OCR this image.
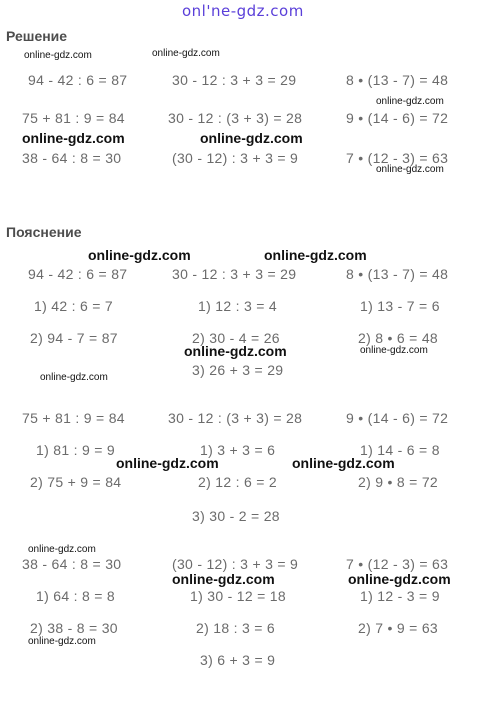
onl'ne-gdz.com
Решение
Пояснение
94 - 42 : 6 = 87	30 - 12 : 3 + 3 = 29	8 • (13 - 7) = 48
75 + 81 : 9 = 84	30 - 12 : (3 + 3) = 28	9 • (14 - 6) = 72
38 - 64 : 8 = 30	(30 - 12) : 3 + 3 = 9	7 • (12 - 3) = 63
94 - 42 : 6 = 87	30 - 12 : 3 + 3 = 29	8 • (13 - 7) = 48
1) 42 : 6 = 7
2) 94 - 7 = 87
1) 12 : 3 = 4
2) 30 - 4 = 26
3) 26 + 3 = 29
1) 13 - 7 = 6
2) 8 • 6 = 48
75 + 81 : 9 = 84	30 - 12 : (3 + 3) = 28	9 • (14 - 6) = 72
1) 81 : 9 = 9
2) 75 + 9 = 84
1) 3 + 3 = 6
2) 12 : 6 = 2
3) 30 - 2 = 28
1) 14 - 6 = 8
2) 9 • 8 = 72
38 - 64 : 8 = 30	(30 - 12) : 3 + 3 = 9	7 • (12 - 3) = 63
1) 64 : 8 = 8
2) 38 - 8 = 30
1) 30 - 12 = 18
2) 18 : 3 = 6
3) 6 + 3 = 9
1) 12 - 3 = 9
2) 7 • 9 = 63
online-gdz.com	online-gdz.com
online-gdz.com
online-gdz.com	online-gdz.com
online-gdz.com
online-gdz.com	online-gdz.com
online-gdz.com	online-gdz.com
online-gdz.com
online-gdz.com	online-gdz.com
online-gdz.com
online-gdz.com	online-gdz.com
online-gdz.com
